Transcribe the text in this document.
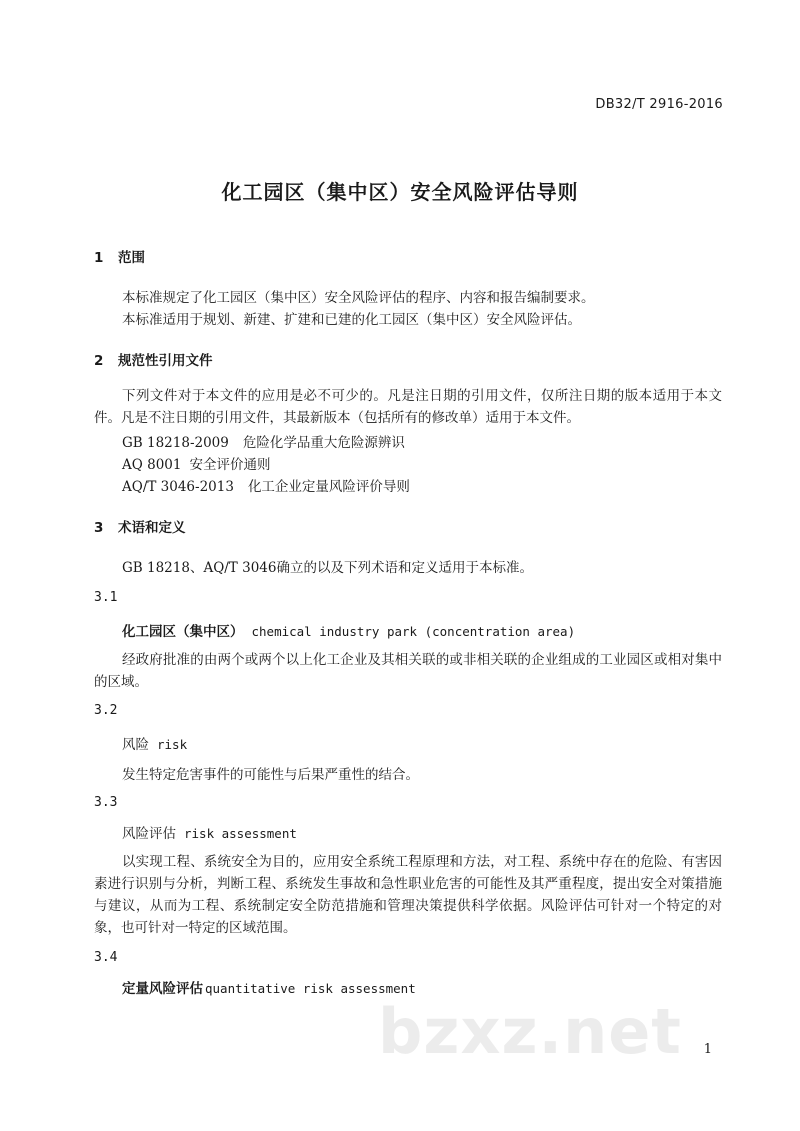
DB32/T 2916-2016
化工园区（集中区）安全风险评估导则
1 范围
本标准规定了化工园区（集中区）安全风险评估的程序、内容和报告编制要求。
本标准适用于规划、新建、扩建和已建的化工园区（集中区）安全风险评估。
2 规范性引用文件
下列文件对于本文件的应用是必不可少的。凡是注日期的引用文件，仅所注日期的版本适用于本文件。凡是不注日期的引用文件，其最新版本（包括所有的修改单）适用于本文件。
GB 18218-2009 危险化学品重大危险源辨识
AQ 8001 安全评价通则
AQ/T 3046-2013 化工企业定量风险评价导则
3 术语和定义
GB 18218、AQ/T 3046确立的以及下列术语和定义适用于本标准。
3.1
化工园区（集中区） chemical industry park (concentration area)
经政府批准的由两个或两个以上化工企业及其相关联的或非相关联的企业组成的工业园区或相对集中的区域。
3.2
风险 risk
发生特定危害事件的可能性与后果严重性的结合。
3.3
风险评估 risk assessment
以实现工程、系统安全为目的，应用安全系统工程原理和方法，对工程、系统中存在的危险、有害因素进行识别与分析，判断工程、系统发生事故和急性职业危害的可能性及其严重程度，提出安全对策措施与建议，从而为工程、系统制定安全防范措施和管理决策提供科学依据。风险评估可针对一个特定的对象，也可针对一特定的区域范围。
3.4
定量风险评估 quantitative risk assessment
bzxz.net 1
